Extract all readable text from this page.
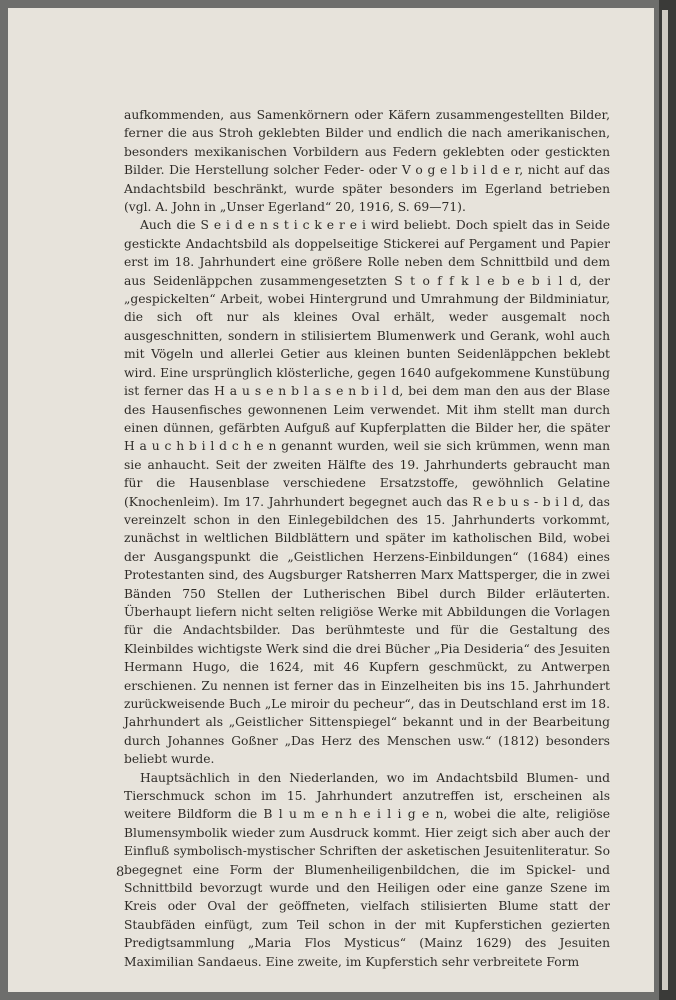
aufkommenden, aus Samenkörnern oder Käfern zusammengestellten Bilder, ferner die aus Stroh geklebten Bilder und endlich die nach amerikanischen, besonders mexikanischen Vorbildern aus Federn geklebten oder gestickten Bilder. Die Herstellung solcher Feder- oder V o g e l b i l d e r, nicht auf das Andachtsbild beschränkt, wurde später besonders im Egerland betrieben (vgl. A. John in „Unser Egerland“ 20, 1916, S. 69—71).

Auch die S e i d e n s t i c k e r e i wird beliebt. Doch spielt das in Seide gestickte Andachtsbild als doppelseitige Stickerei auf Pergament und Papier erst im 18. Jahrhundert eine größere Rolle neben dem Schnittbild und dem aus Seidenläppchen zusammengesetzten S t o f f k l e b e b i l d, der „gespickelten“ Arbeit, wobei Hintergrund und Umrahmung der Bildminiatur, die sich oft nur als kleines Oval erhält, weder ausgemalt noch ausgeschnitten, sondern in stilisiertem Blumenwerk und Gerank, wohl auch mit Vögeln und allerlei Getier aus kleinen bunten Seidenläppchen beklebt wird. Eine ursprünglich klösterliche, gegen 1640 aufgekommene Kunstübung ist ferner das H a u s e n b l a s e n b i l d, bei dem man den aus der Blase des Hausenfisches gewonnenen Leim verwendet. Mit ihm stellt man durch einen dünnen, gefärbten Aufguß auf Kupferplatten die Bilder her, die später H a u c h b i l d c h e n genannt wurden, weil sie sich krümmen, wenn man sie anhaucht. Seit der zweiten Hälfte des 19. Jahrhunderts gebraucht man für die Hausenblase verschiedene Ersatzstoffe, gewöhnlich Gelatine (Knochenleim). Im 17. Jahrhundert begegnet auch das R e b u s - b i l d, das vereinzelt schon in den Einlegebildchen des 15. Jahrhunderts vorkommt, zunächst in weltlichen Bildblättern und später im katholischen Bild, wobei der Ausgangspunkt die „Geistlichen Herzens-Einbildungen“ (1684) eines Protestanten sind, des Augsburger Ratsherren Marx Mattsperger, die in zwei Bänden 750 Stellen der Lutherischen Bibel durch Bilder erläuterten. Überhaupt liefern nicht selten religiöse Werke mit Abbildungen die Vorlagen für die Andachtsbilder. Das berühmteste und für die Gestaltung des Kleinbildes wichtigste Werk sind die drei Bücher „Pia Desideria“ des Jesuiten Hermann Hugo, die 1624, mit 46 Kupfern geschmückt, zu Antwerpen erschienen. Zu nennen ist ferner das in Einzelheiten bis ins 15. Jahrhundert zurückweisende Buch „Le miroir du pecheur“, das in Deutschland erst im 18. Jahrhundert als „Geistlicher Sittenspiegel“ bekannt und in der Bearbeitung durch Johannes Goßner „Das Herz des Menschen usw.“ (1812) besonders beliebt wurde.

Hauptsächlich in den Niederlanden, wo im Andachtsbild Blumen- und Tierschmuck schon im 15. Jahrhundert anzutreffen ist, erscheinen als weitere Bildform die B l u m e n h e i l i g e n, wobei die alte, religiöse Blumensymbolik wieder zum Ausdruck kommt. Hier zeigt sich aber auch der Einfluß symbolisch-mystischer Schriften der asketischen Jesuitenliteratur. So begegnet eine Form der Blumenheiligenbildchen, die im Spickel- und Schnittbild bevorzugt wurde und den Heiligen oder eine ganze Szene im Kreis oder Oval der geöffneten, vielfach stilisierten Blume statt der Staubfäden einfügt, zum Teil schon in der mit Kupferstichen gezierten Predigtsammlung „Maria Flos Mysticus“ (Mainz 1629) des Jesuiten Maximilian Sandaeus. Eine zweite, im Kupferstich sehr verbreitete Form

8
